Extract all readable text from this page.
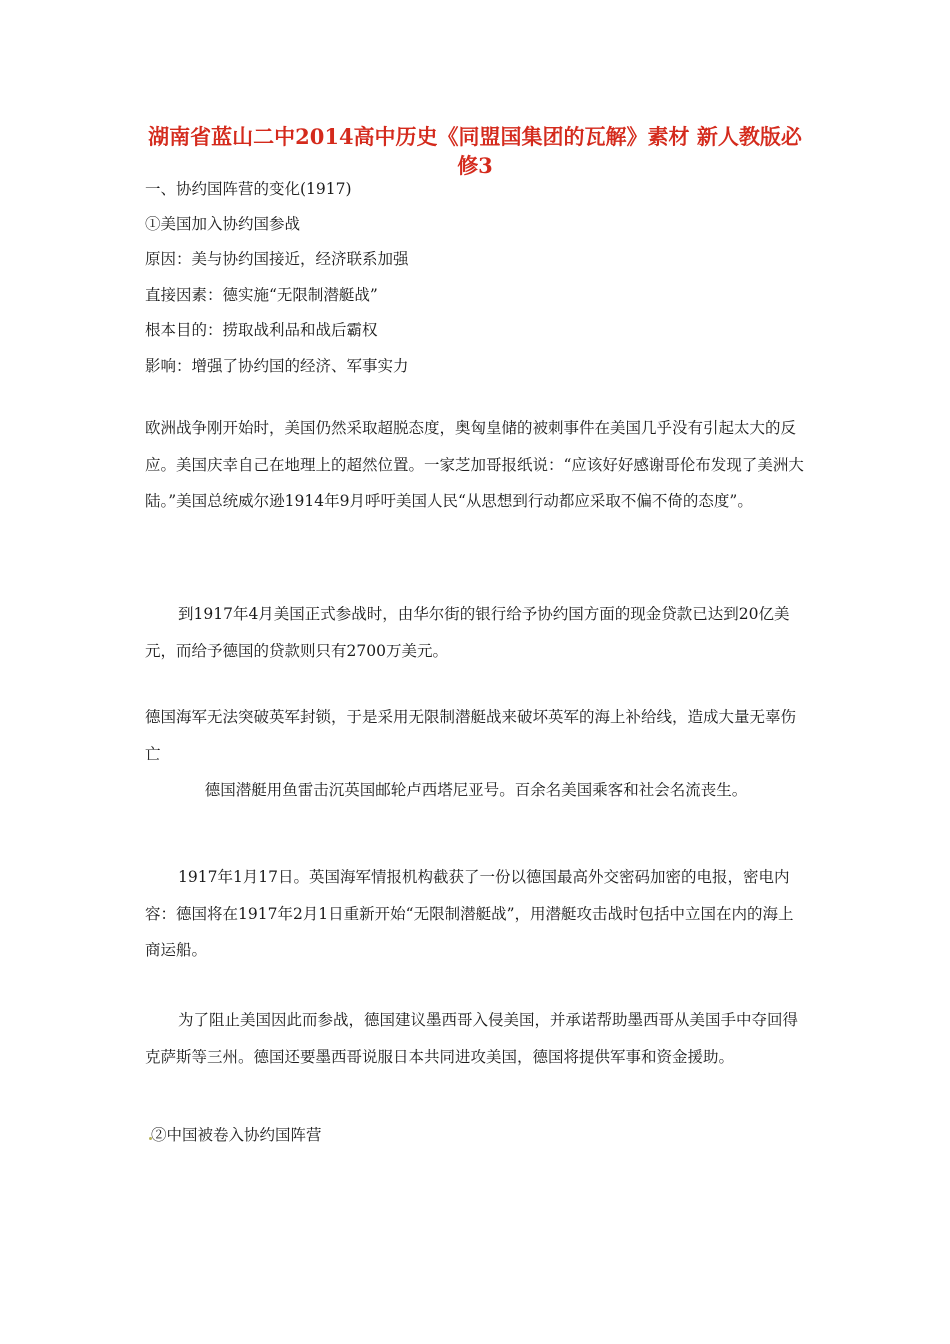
湖南省蓝山二中2014高中历史《同盟国集团的瓦解》素材 新人教版必修3
一、协约国阵营的变化(1917)
①美国加入协约国参战
原因：美与协约国接近，经济联系加强
直接因素：德实施“无限制潜艇战”
根本目的：捞取战利品和战后霸权
影响：增强了协约国的经济、军事实力
欧洲战争刚开始时，美国仍然采取超脱态度，奥匈皇储的被刺事件在美国几乎没有引起太大的反应。美国庆幸自己在地理上的超然位置。一家芝加哥报纸说：“应该好好感谢哥伦布发现了美洲大陆。”美国总统威尔逊1914年9月呼吁美国人民“从思想到行动都应采取不偏不倚的态度”。
到1917年4月美国正式参战时，由华尔街的银行给予协约国方面的现金贷款已达到20亿美元，而给予德国的贷款则只有2700万美元。
德国海军无法突破英军封锁，于是采用无限制潜艇战来破坏英军的海上补给线，造成大量无辜伤亡
德国潜艇用鱼雷击沉英国邮轮卢西塔尼亚号。百余名美国乘客和社会名流丧生。
1917年1月17日。英国海军情报机构截获了一份以德国最高外交密码加密的电报，密电内容：德国将在1917年2月1日重新开始“无限制潜艇战”，用潜艇攻击战时包括中立国在内的海上商运船。
为了阻止美国因此而参战，德国建议墨西哥入侵美国，并承诺帮助墨西哥从美国手中夺回得克萨斯等三州。德国还要墨西哥说服日本共同进攻美国，德国将提供军事和资金援助。
②中国被卷入协约国阵营
